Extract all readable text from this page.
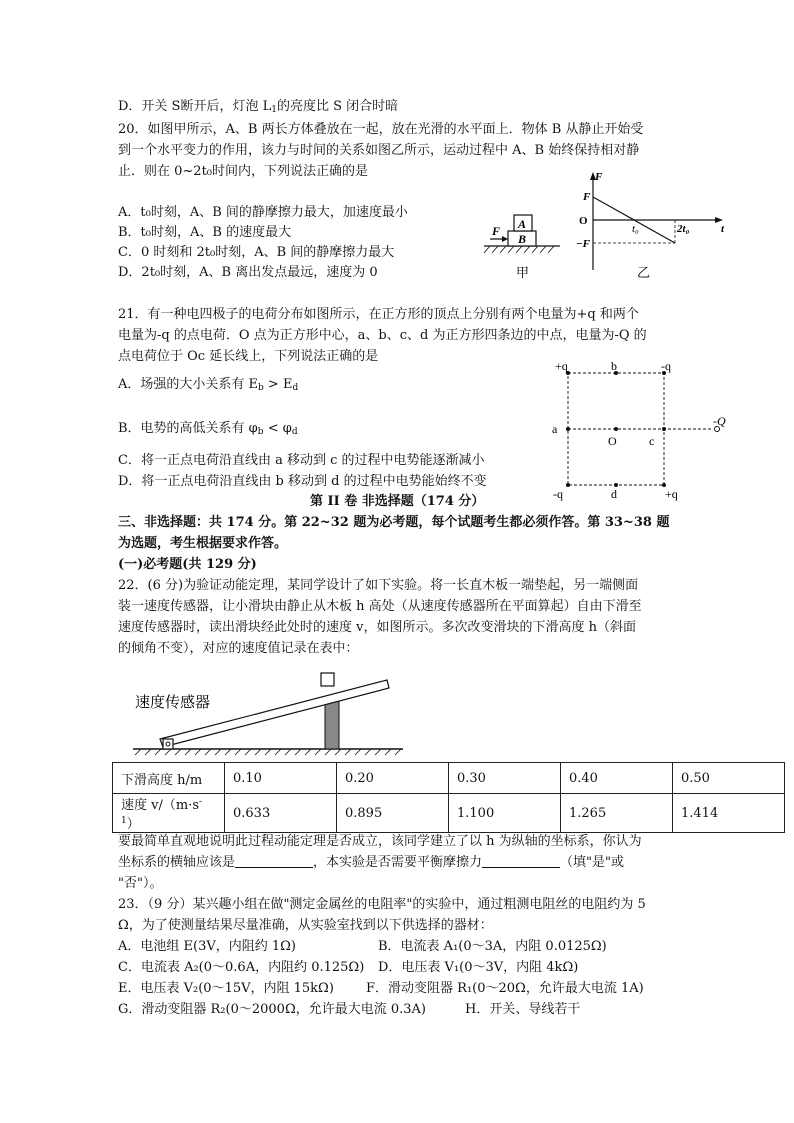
D．开关 S断开后，灯泡 $L_1$的亮度比 S 闭合时暗
20．如图甲所示，A、B 两长方体叠放在一起，放在光滑的水平面上．物体 B 从静止开始受
到一个水平变力的作用，该力与时间的关系如图乙所示，运动过程中 A、B 始终保持相对静
止．则在 0~2t₀时间内，下列说法正确的是
A．t₀时刻，A、B 间的静摩擦力最大，加速度最小
B．t₀时刻，A、B 的速度最大
C．0 时刻和 2t₀时刻，A、B 间的静摩擦力最大
D．2t₀时刻，A、B 离出发点最远，速度为 0
A
B
F
甲
F
F
O
−F
t₀	2t₀	t
乙
21．有一种电四极子的电荷分布如图所示，在正方形的顶点上分别有两个电量为+q 和两个
电量为-q 的点电荷．O 点为正方形中心，a、b、c、d 为正方形四条边的中点，电量为-Q 的
点电荷位于 Oc 延长线上，下列说法正确的是
A．场强的大小关系有 $E_b > E_d$
B．电势的高低关系有 $\varphi_b < \varphi_d$
C．将一正点电荷沿直线由 a 移动到 c 的过程中电势能逐渐减小
D．将一正点电荷沿直线由 b 移动到 d 的过程中电势能始终不变
+q	b	-q
a
O	c
-Q
-q	d	+q
第 II 卷 非选择题（174 分）
三、非选择题：共 174 分。第 22~32 题为必考题，每个试题考生都必须作答。第 33~38 题
为选题，考生根据要求作答。
(一)必考题(共 129 分)
22．(6 分)为验证动能定理，某同学设计了如下实验。将一长直木板一端垫起，另一端侧面
装一速度传感器，让小滑块由静止从木板 h 高处（从速度传感器所在平面算起）自由下滑至
速度传感器时，读出滑块经此处时的速度 v，如图所示。多次改变滑块的下滑高度 h（斜面
的倾角不变），对应的速度值记录在表中：
速度传感器
下滑高度 h/m	0.10	0.20	0.30	0.40	0.50
速度 $v/(m\cdot s^{-1})$	0.633	0.895	1.100	1.265	1.414
要最简单直观地说明此过程动能定理是否成立，该同学建立了以 h 为纵轴的坐标系，你认为
坐标系的横轴应该是	，本实验是否需要平衡摩擦力	（填"是"或
"否"）。
23．（9 分）某兴趣小组在做"测定金属丝的电阻率"的实验中，通过粗测电阻丝的电阻约为 5
Ω，为了使测量结果尽量准确，从实验室找到以下供选择的器材：
A．电池组 E(3V，内阻约 1Ω)	B．电流表 A₁(0～3A，内阻 0.0125Ω)
C．电流表 A₂(0～0.6A，内阻约 0.125Ω) D．电压表 V₁(0～3V，内阻 4kΩ)
E．电压表 V₂(0～15V，内阻 15kΩ) F．滑动变阻器 R₁(0～20Ω，允许最大电流 1A)
G．滑动变阻器 R₂(0～2000Ω，允许最大电流 0.3A)	H．开关、导线若干
